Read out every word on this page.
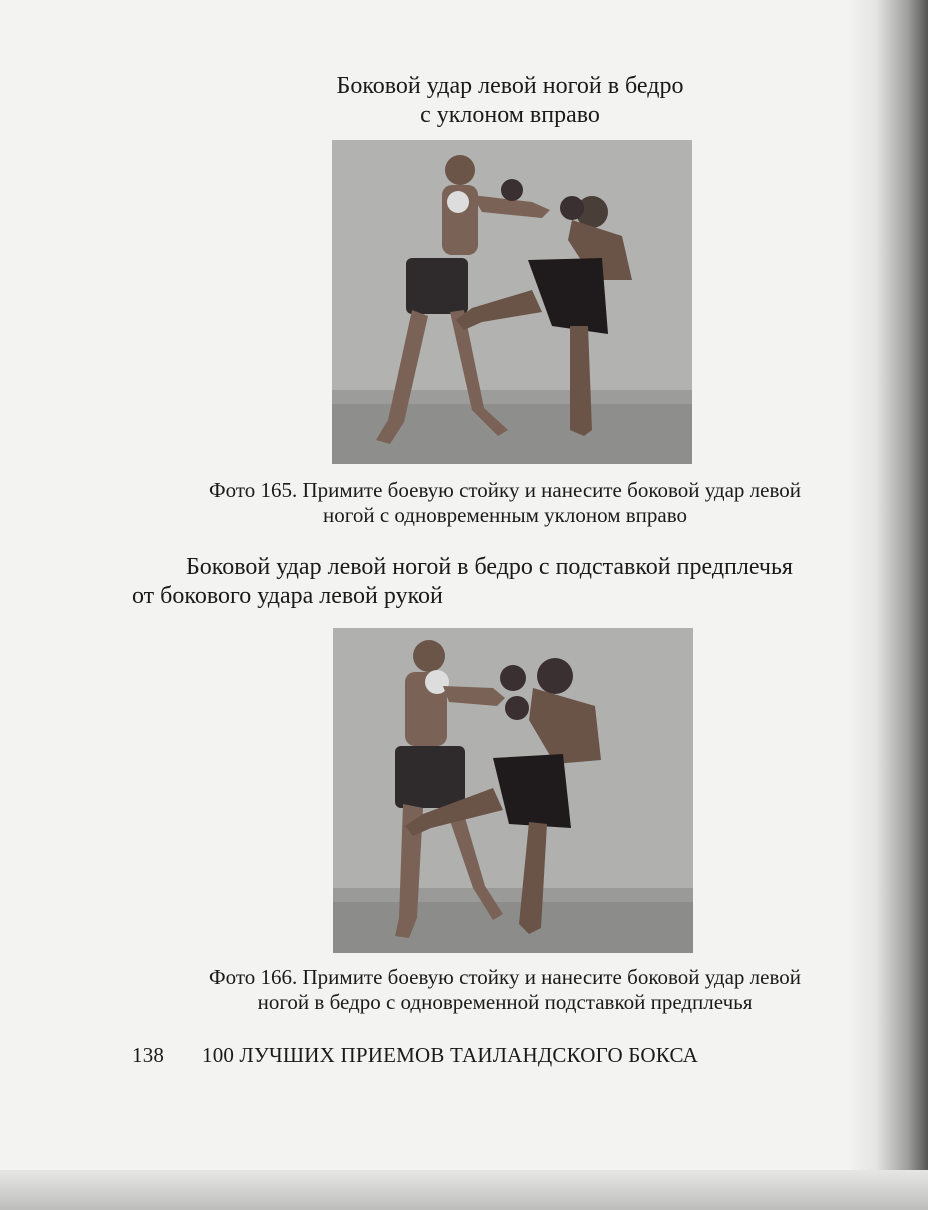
Боковой удар левой ногой в бедро
с уклоном вправо
Фото 165. Примите боевую стойку и нанесите боковой удар левой
ногой с одновременным уклоном вправо
Боковой удар левой ногой в бедро с подставкой предплечья
от бокового удара левой рукой
Фото 166. Примите боевую стойку и нанесите боковой удар левой
ногой в бедро с одновременной подставкой предплечья
138 100 ЛУЧШИХ ПРИЕМОВ ТАИЛАНДСКОГО БОКСА
